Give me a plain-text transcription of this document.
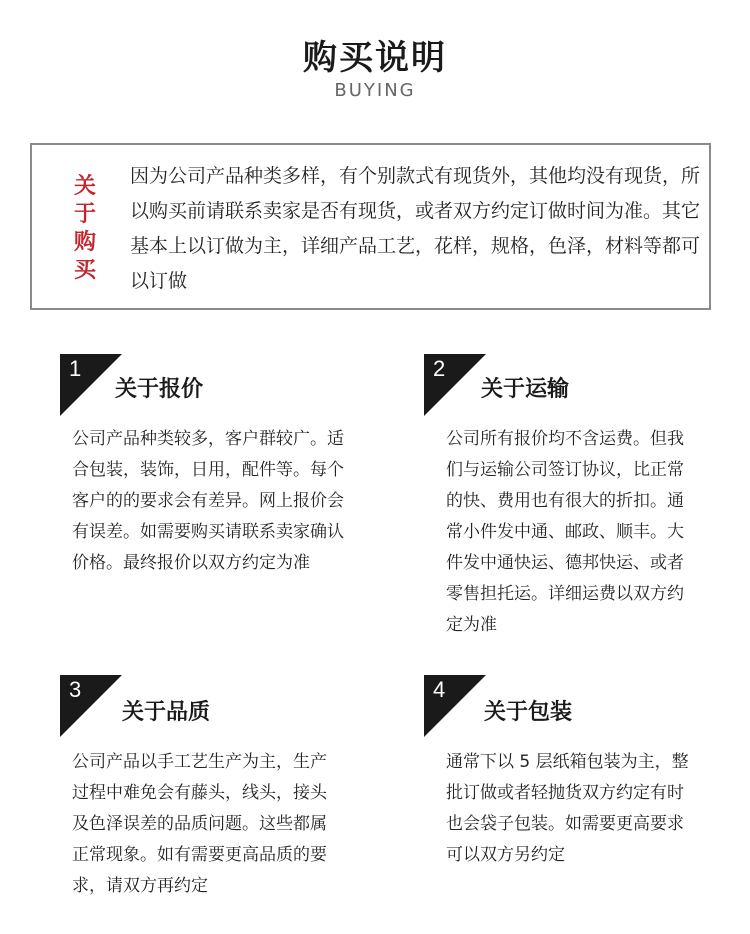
购买说明
BUYING
关
于
购
买
因为公司产品种类多样，有个别款式有现货外，其他均没有现货，所以购买前请联系卖家是否有现货，或者双方约定订做时间为准。其它基本上以订做为主，详细产品工艺，花样，规格，色泽，材料等都可以订做
1
关于报价
公司产品种类较多，客户群较广。适合包装，装饰，日用，配件等。每个客户的的要求会有差异。网上报价会有误差。如需要购买请联系卖家确认价格。最终报价以双方约定为准
2
关于运输
公司所有报价均不含运费。但我们与运输公司签订协议，比正常的快、费用也有很大的折扣。通常小件发中通、邮政、顺丰。大件发中通快运、德邦快运、或者零售担托运。详细运费以双方约定为准
3
关于品质
公司产品以手工艺生产为主，生产过程中难免会有藤头，线头，接头及色泽误差的品质问题。这些都属正常现象。如有需要更高品质的要求，请双方再约定
4
关于包装
通常下以 5 层纸箱包装为主，整批订做或者轻抛货双方约定有时也会袋子包装。如需要更高要求可以双方另约定
